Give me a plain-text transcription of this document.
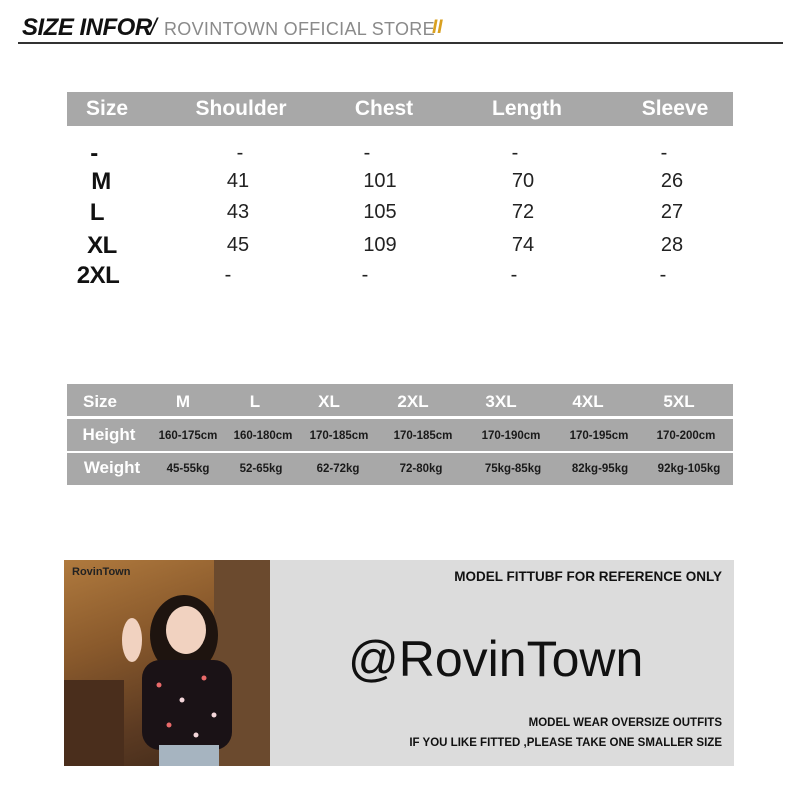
SIZE INFOR
/ ROVINTOWN OFFICIAL STORE
II
Size	Shoulder	Chest	Length	Sleeve
-	-	-	-	-
M	41	101	70	26
L	43	105	72	27
XL	45	109	74	28
2XL	-	-	-	-
Size	M	L	XL	2XL	3XL	4XL	5XL
Height 160-175cm 160-180cm 170-185cm 170-185cm	170-190cm	170-195cm 170-200cm
Weight 45-55kg	52-65kg	62-72kg	72-80kg	75kg-85kg	82kg-95kg	92kg-105kg
RovinTown	MODEL FITTUBF FOR REFERENCE ONLY
@RovinTown
MODEL WEAR OVERSIZE OUTFITS
IF YOU LIKE FITTED ,PLEASE TAKE ONE SMALLER SIZE
